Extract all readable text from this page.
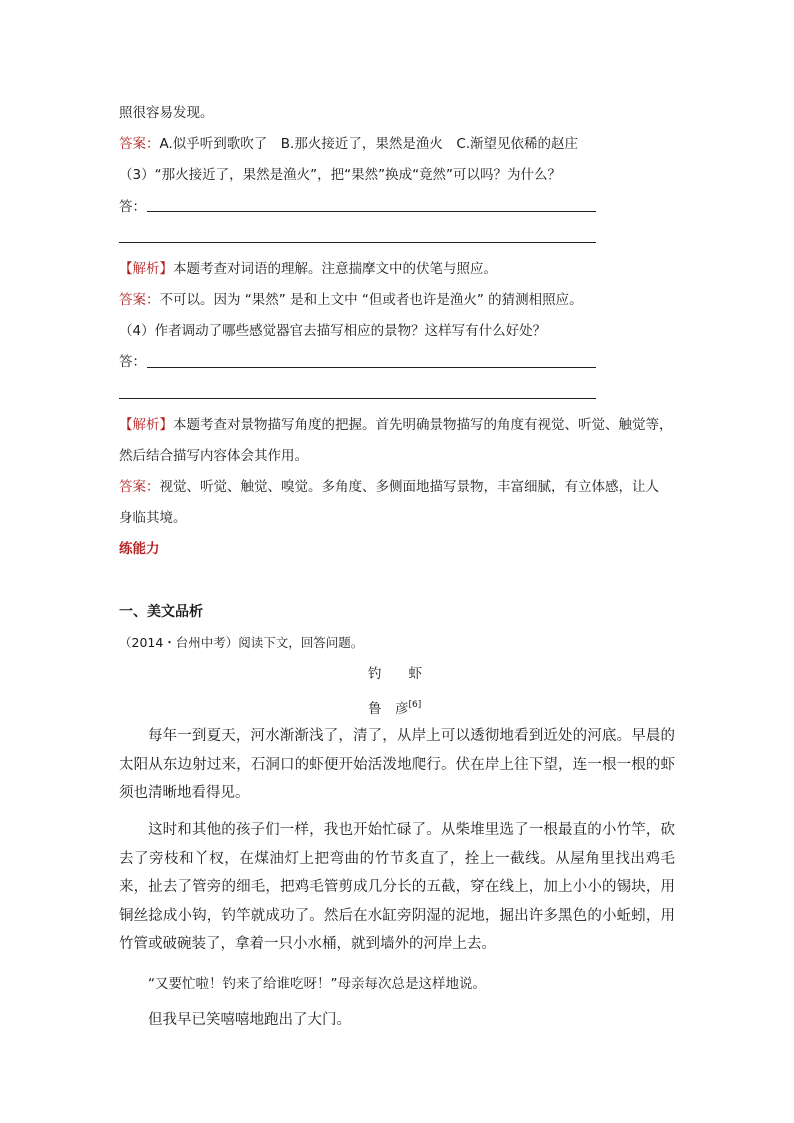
照很容易发现。
答案：A.似乎听到歌吹了　B.那火接近了，果然是渔火　C.渐望见依稀的赵庄
（3）“那火接近了，果然是渔火”，把“果然”换成“竟然”可以吗？为什么？
答：
【解析】本题考查对词语的理解。注意揣摩文中的伏笔与照应。
答案：不可以。因为 “果然” 是和上文中 “但或者也许是渔火” 的猜测相照应。
（4）作者调动了哪些感觉器官去描写相应的景物？这样写有什么好处？
答：
【解析】本题考查对景物描写角度的把握。首先明确景物描写的角度有视觉、听觉、触觉等，
然后结合描写内容体会其作用。
答案：视觉、听觉、触觉、嗅觉。多角度、多侧面地描写景物，丰富细腻，有立体感，让人
身临其境。
练能力
一、美文品析
（2014・台州中考）阅读下文，回答问题。
钓　　虾
鲁　彦[6]
每年一到夏天，河水渐渐浅了，清了，从岸上可以透彻地看到近处的河底。早晨的太阳从东边射过来，石洞口的虾便开始活泼地爬行。伏在岸上往下望，连一根一根的虾须也清晰地看得见。
这时和其他的孩子们一样，我也开始忙碌了。从柴堆里选了一根最直的小竹竿，砍去了旁枝和丫杈，在煤油灯上把弯曲的竹节炙直了，拴上一截线。从屋角里找出鸡毛来，扯去了管旁的细毛，把鸡毛管剪成几分长的五截，穿在线上，加上小小的锡块，用铜丝捻成小钩，钓竿就成功了。然后在水缸旁阴湿的泥地，掘出许多黑色的小蚯蚓，用竹管或破碗装了，拿着一只小水桶，就到墙外的河岸上去。
“又要忙啦！钓来了给谁吃呀！”母亲每次总是这样地说。
但我早已笑嘻嘻地跑出了大门。
